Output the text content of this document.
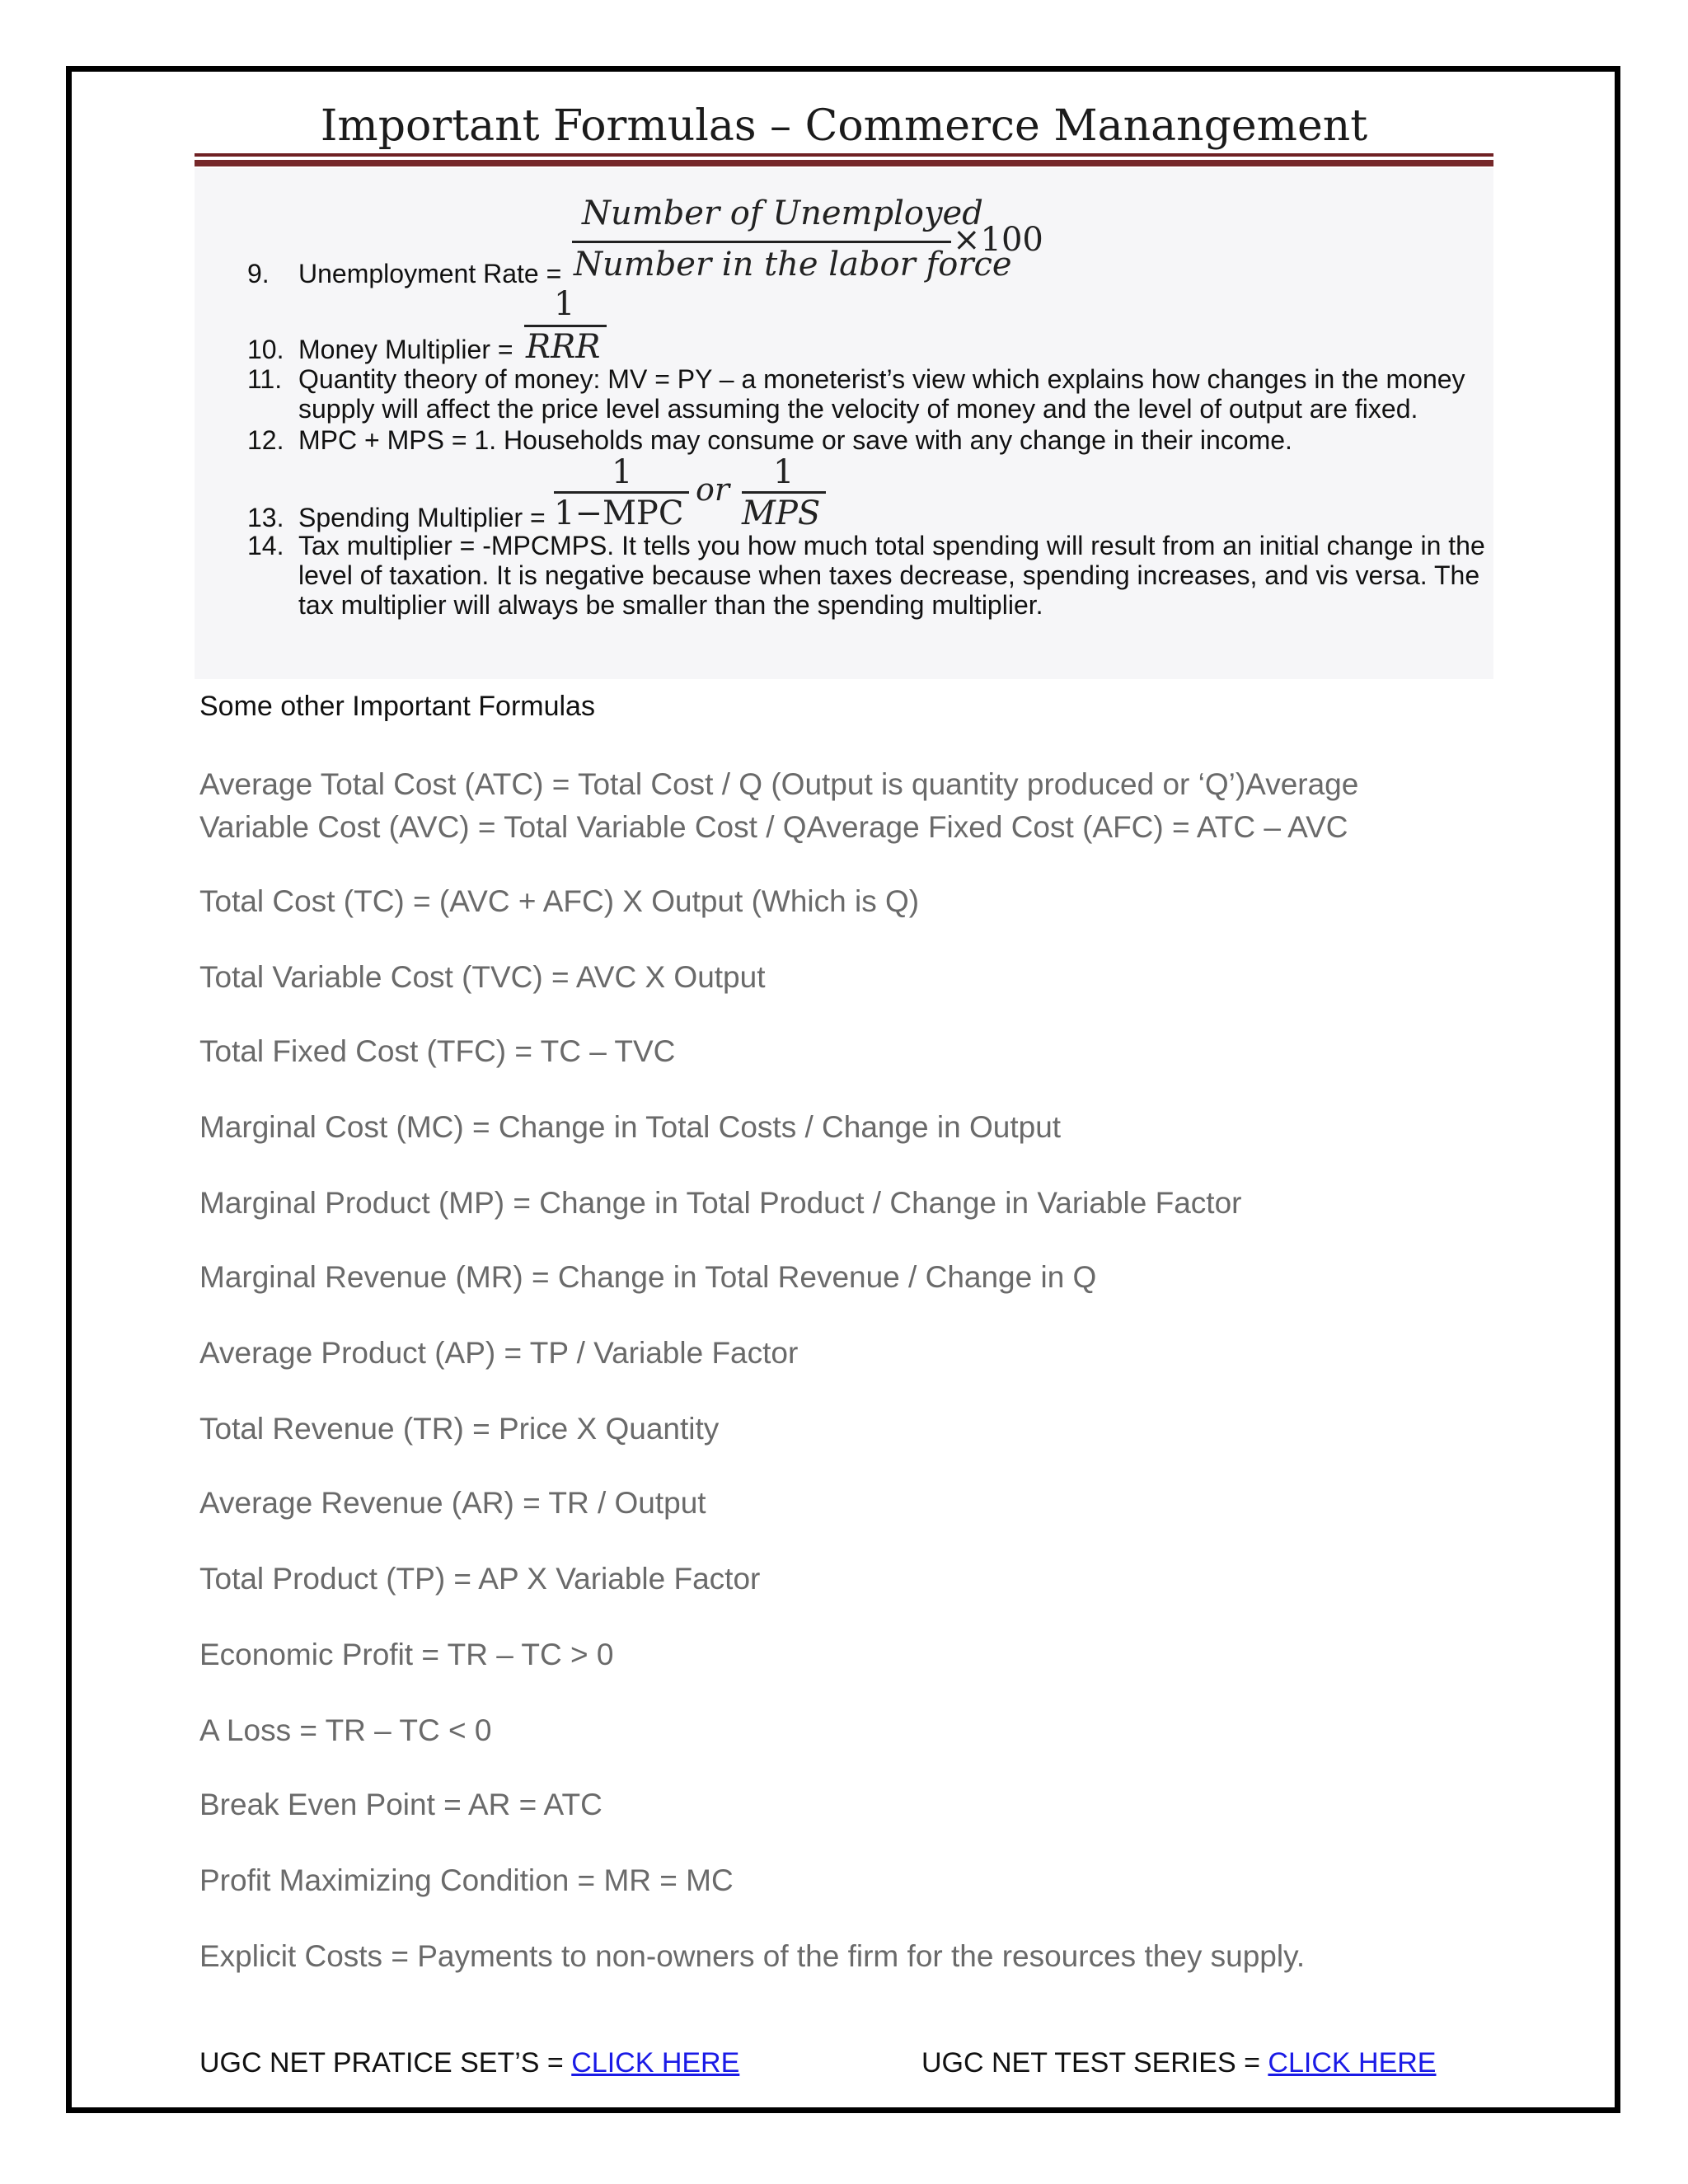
Important Formulas – Commerce Manangement
9. Unemployment Rate =
Number of Unemployed
Number in the labor force
×100
10. Money Multiplier =
1
RRR
11. Quantity theory of money: MV = PY – a moneterist’s view which explains how changes in the money
supply will affect the price level assuming the velocity of money and the level of output are fixed.
12. MPC + MPS = 1. Households may consume or save with any change in their income.
13. Spending Multiplier =
1
1−MPC
or 1
MPS
14. Tax multiplier = -MPCMPS. It tells you how much total spending will result from an initial change in the
level of taxation. It is negative because when taxes decrease, spending increases, and vis versa. The
tax multiplier will always be smaller than the spending multiplier.
Some other Important Formulas
Average Total Cost (ATC) = Total Cost / Q (Output is quantity produced or ‘Q’)Average
Variable Cost (AVC) = Total Variable Cost / QAverage Fixed Cost (AFC) = ATC – AVC
Total Cost (TC) = (AVC + AFC) X Output (Which is Q)
Total Variable Cost (TVC) = AVC X Output
Total Fixed Cost (TFC) = TC – TVC
Marginal Cost (MC) = Change in Total Costs / Change in Output
Marginal Product (MP) = Change in Total Product / Change in Variable Factor
Marginal Revenue (MR) = Change in Total Revenue / Change in Q
Average Product (AP) = TP / Variable Factor
Total Revenue (TR) = Price X Quantity
Average Revenue (AR) = TR / Output
Total Product (TP) = AP X Variable Factor
Economic Profit = TR – TC > 0
A Loss = TR – TC < 0
Break Even Point = AR = ATC
Profit Maximizing Condition = MR = MC
Explicit Costs = Payments to non-owners of the firm for the resources they supply.
UGC NET PRATICE SET’S = CLICK HERE	UGC NET TEST SERIES = CLICK HERE
